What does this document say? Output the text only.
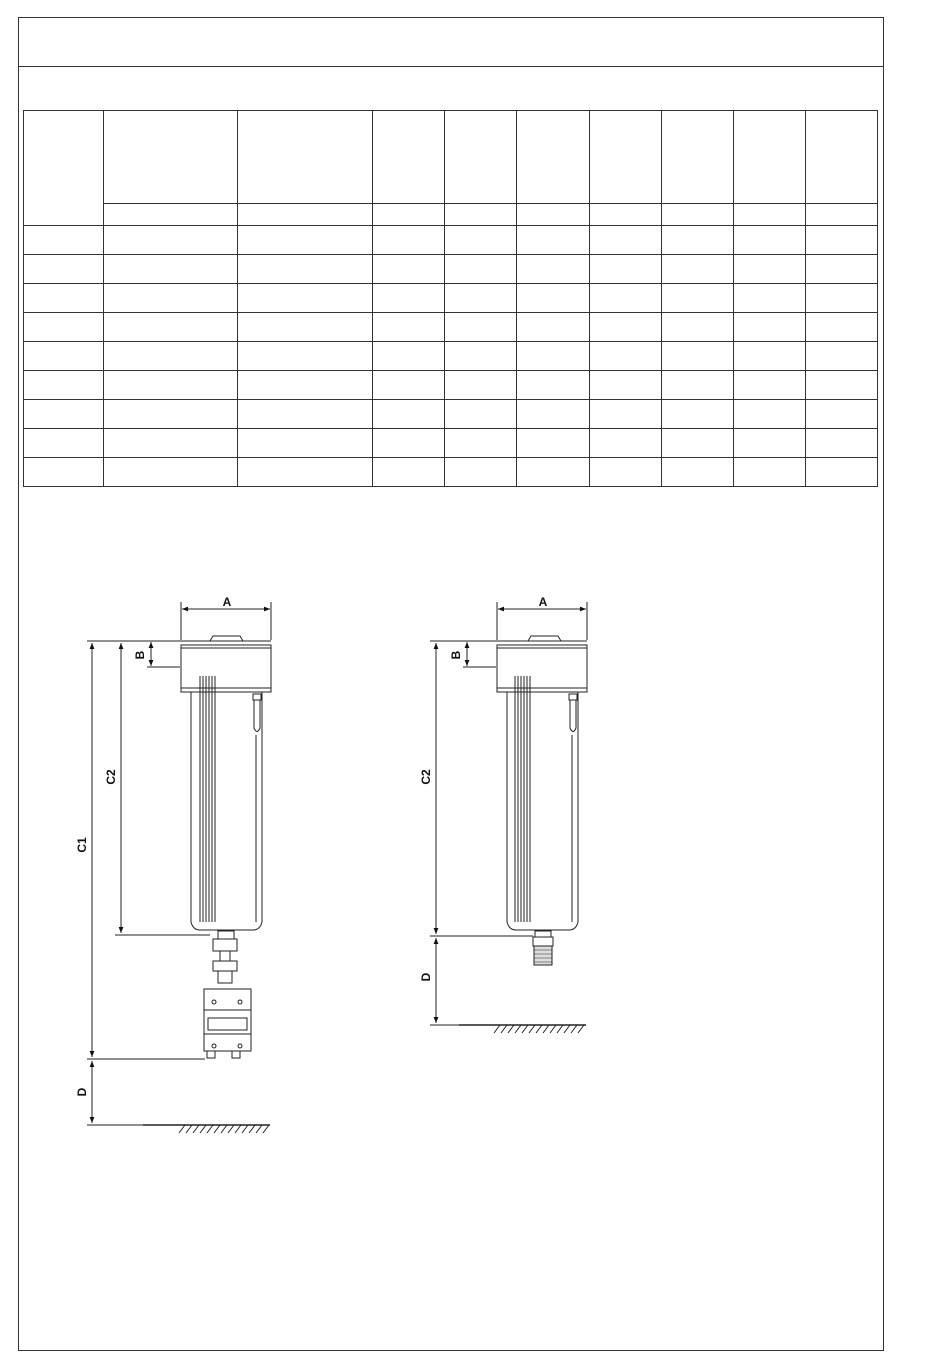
A
B
C2
C1
D
A
B
C2
D
